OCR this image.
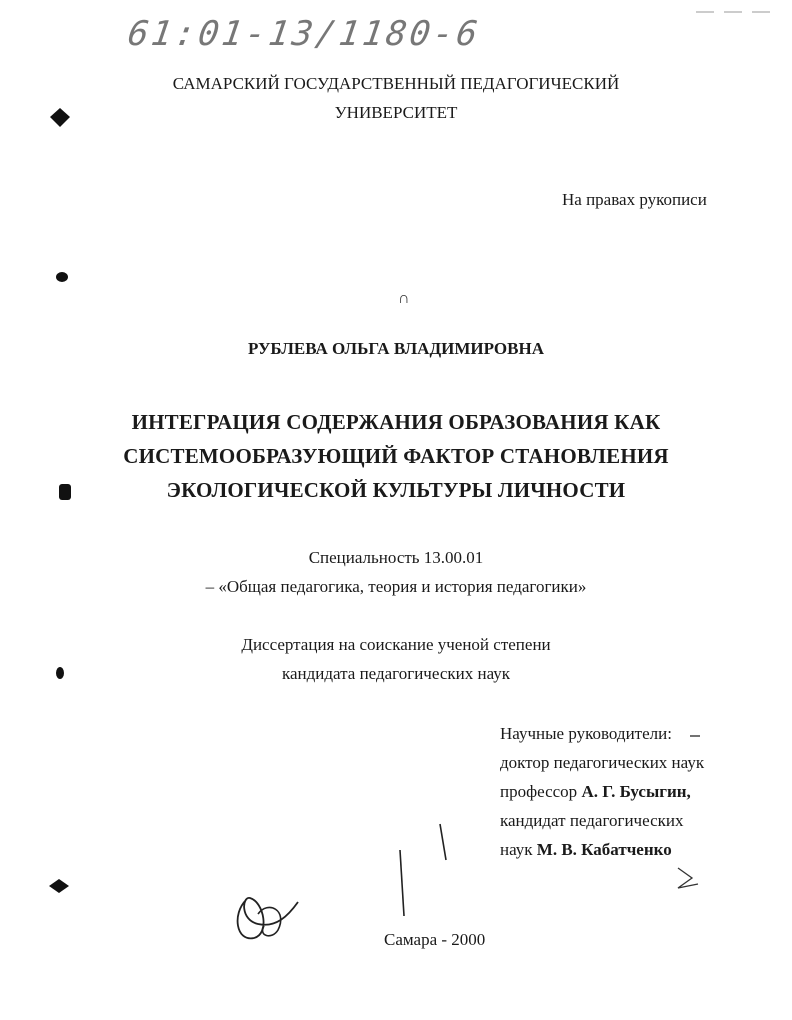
61:01-13/1180-6
САМАРСКИЙ ГОСУДАРСТВЕННЫЙ ПЕДАГОГИЧЕСКИЙ
УНИВЕРСИТЕТ
На правах рукописи
∩
РУБЛЕВА ОЛЬГА ВЛАДИМИРОВНА
ИНТЕГРАЦИЯ СОДЕРЖАНИЯ ОБРАЗОВАНИЯ КАК
СИСТЕМООБРАЗУЮЩИЙ ФАКТОР СТАНОВЛЕНИЯ
ЭКОЛОГИЧЕСКОЙ КУЛЬТУРЫ ЛИЧНОСТИ
Специальность 13.00.01
– «Общая педагогика, теория и история педагогики»
Диссертация на соискание ученой степени
кандидата педагогических наук
Научные руководители:
доктор педагогических наук
профессор А. Г. Бусыгин,
кандидат педагогических
наук М. В. Кабатченко
Самара - 2000
